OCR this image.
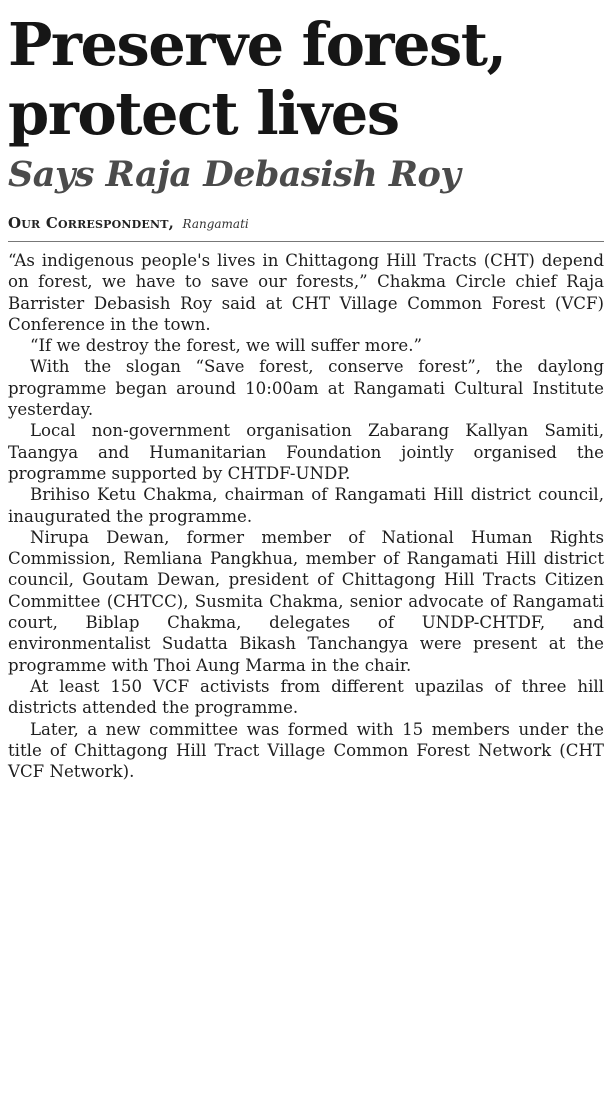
Preserve forest,
protect lives
Says Raja Debasish Roy
Our Correspondent, Rangamati

“As indigenous people's lives in Chittagong Hill Tracts (CHT) depend on forest, we have to save our forests,” Chakma Circle chief Raja Barrister Debasish Roy said at CHT Village Common Forest (VCF) Conference in the town.

“If we destroy the forest, we will suffer more.”

With the slogan “Save forest, conserve forest”, the daylong programme began around 10:00am at Rangamati Cultural Institute yesterday.

Local non-government organisation Zabarang Kallyan Samiti, Taangya and Humanitarian Foundation jointly organised the programme supported by CHTDF-UNDP.

Brihiso Ketu Chakma, chairman of Rangamati Hill district council, inaugurated the programme.

Nirupa Dewan, former member of National Human Rights Commission, Remliana Pangkhua, member of Rangamati Hill district council, Goutam Dewan, president of Chittagong Hill Tracts Citizen Committee (CHTCC), Susmita Chakma, senior advocate of Rangamati court, Biblap Chakma, delegates of UNDP-CHTDF, and environmentalist Sudatta Bikash Tanchangya were present at the programme with Thoi Aung Marma in the chair.

At least 150 VCF activists from different upazilas of three hill districts attended the programme.

Later, a new committee was formed with 15 members under the title of Chittagong Hill Tract Village Common Forest Network (CHT VCF Network).
